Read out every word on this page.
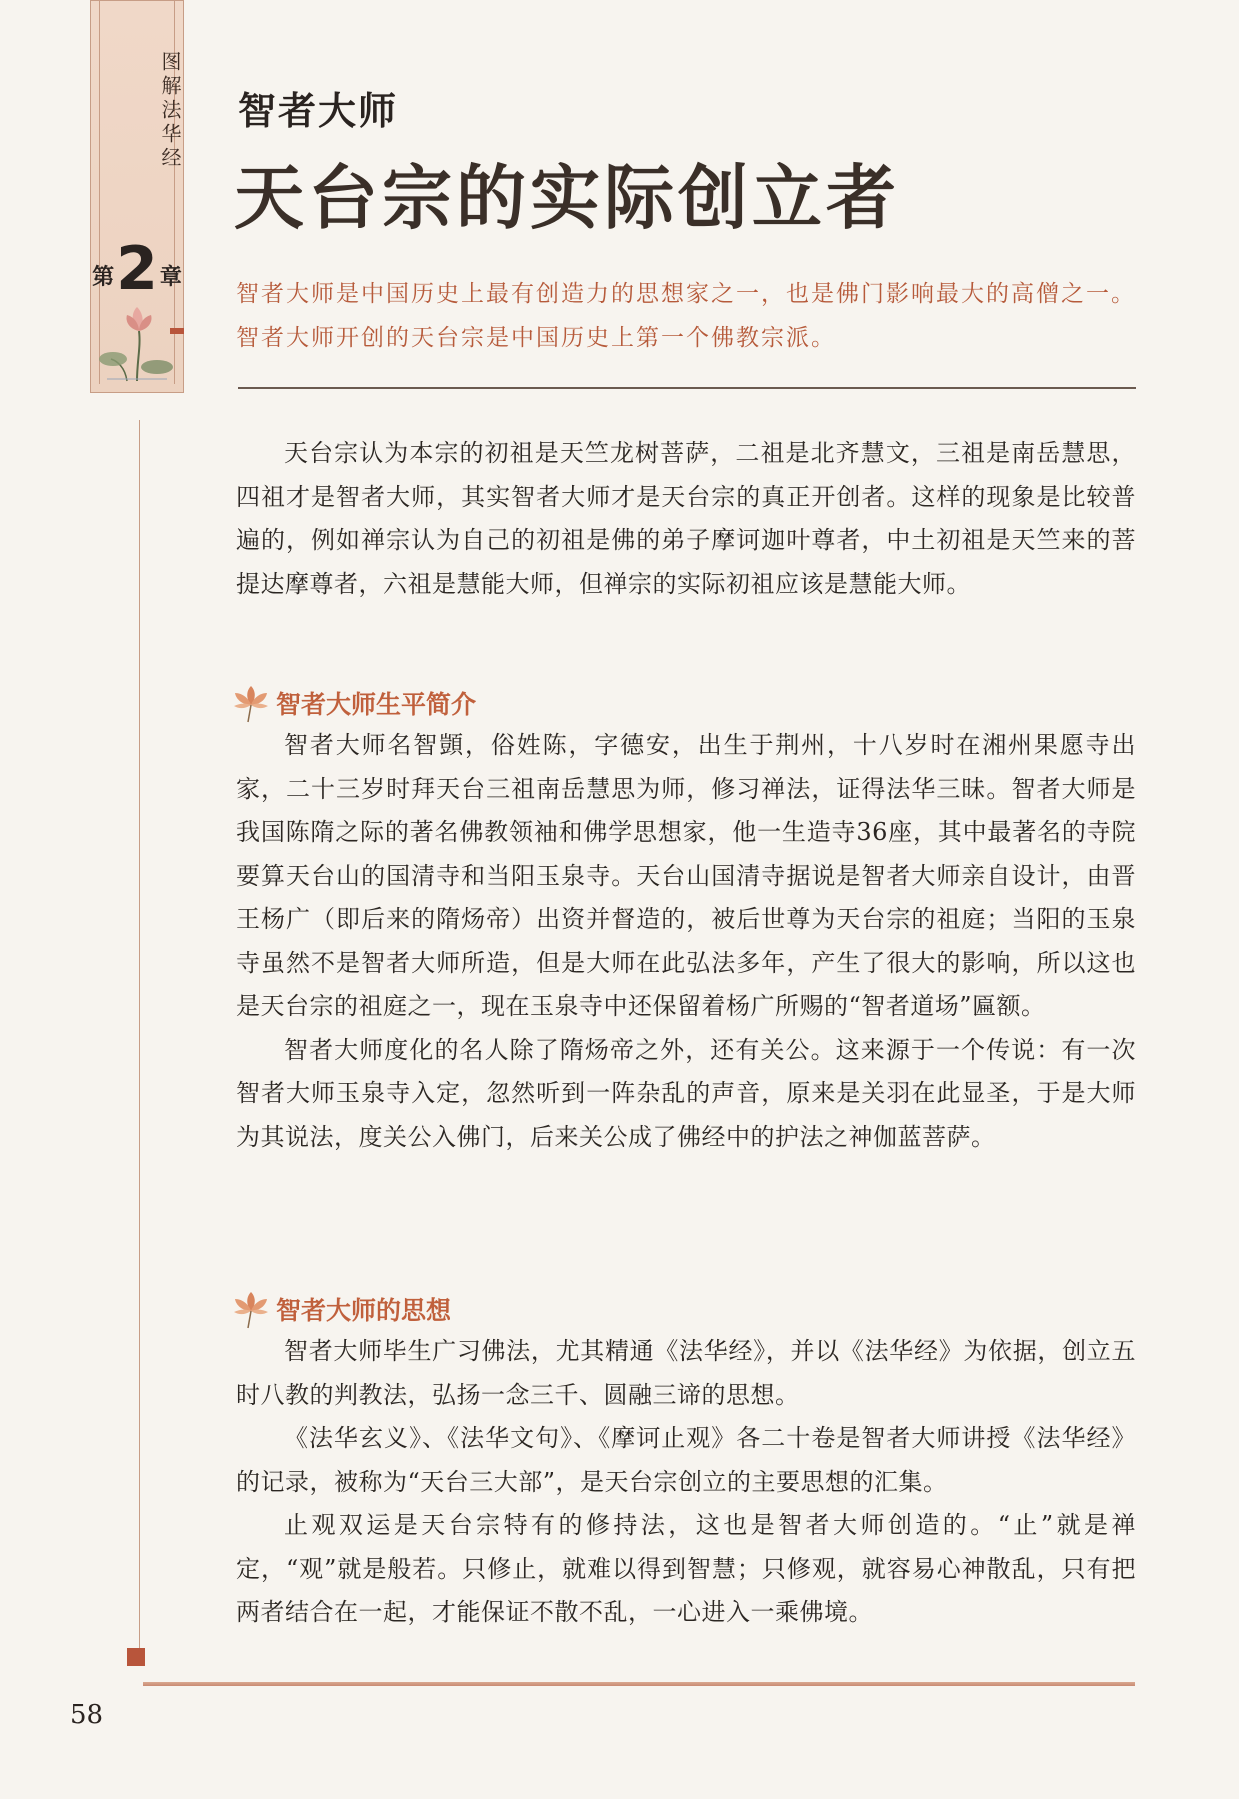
图解法华经
第 2 章
智者大师
天台宗的实际创立者
智者大师是中国历史上最有创造力的思想家之一，也是佛门影响最大的高僧之一。智者大师开创的天台宗是中国历史上第一个佛教宗派。

天台宗认为本宗的初祖是天竺龙树菩萨，二祖是北齐慧文，三祖是南岳慧思，四祖才是智者大师，其实智者大师才是天台宗的真正开创者。这样的现象是比较普遍的，例如禅宗认为自己的初祖是佛的弟子摩诃迦叶尊者，中土初祖是天竺来的菩提达摩尊者，六祖是慧能大师，但禅宗的实际初祖应该是慧能大师。

智者大师生平简介

智者大师名智顗，俗姓陈，字德安，出生于荆州，十八岁时在湘州果愿寺出家，二十三岁时拜天台三祖南岳慧思为师，修习禅法，证得法华三昧。智者大师是我国陈隋之际的著名佛教领袖和佛学思想家，他一生造寺36座，其中最著名的寺院要算天台山的国清寺和当阳玉泉寺。天台山国清寺据说是智者大师亲自设计，由晋王杨广（即后来的隋炀帝）出资并督造的，被后世尊为天台宗的祖庭；当阳的玉泉寺虽然不是智者大师所造，但是大师在此弘法多年，产生了很大的影响，所以这也是天台宗的祖庭之一，现在玉泉寺中还保留着杨广所赐的“智者道场”匾额。

智者大师度化的名人除了隋炀帝之外，还有关公。这来源于一个传说：有一次智者大师玉泉寺入定，忽然听到一阵杂乱的声音，原来是关羽在此显圣，于是大师为其说法，度关公入佛门，后来关公成了佛经中的护法之神伽蓝菩萨。

智者大师的思想

智者大师毕生广习佛法，尤其精通《法华经》，并以《法华经》为依据，创立五时八教的判教法，弘扬一念三千、圆融三谛的思想。

《法华玄义》、《法华文句》、《摩诃止观》各二十卷是智者大师讲授《法华经》的记录，被称为“天台三大部”，是天台宗创立的主要思想的汇集。

止观双运是天台宗特有的修持法，这也是智者大师创造的。“止”就是禅定，“观”就是般若。只修止，就难以得到智慧；只修观，就容易心神散乱，只有把两者结合在一起，才能保证不散不乱，一心进入一乘佛境。

58
